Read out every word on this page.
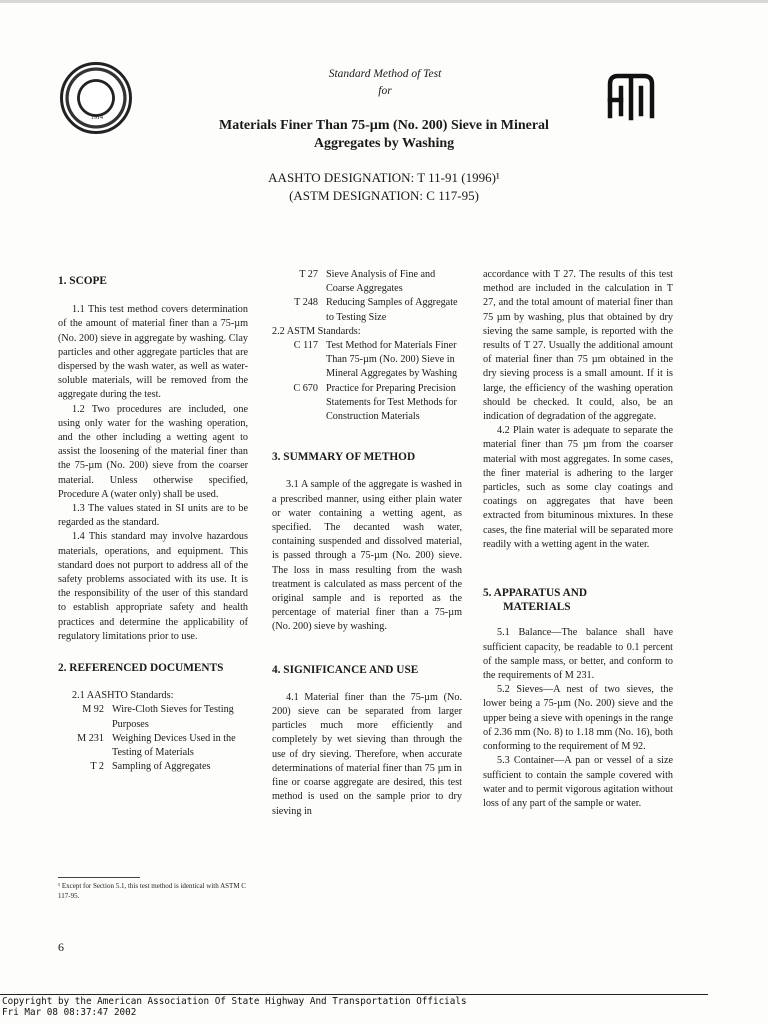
1914
Standard Method of Test
for
Materials Finer Than 75-µm (No. 200) Sieve in Mineral
Aggregates by Washing
AASHTO DESIGNATION: T 11-91 (1996)¹
(ASTM DESIGNATION: C 117-95)

1. SCOPE

1.1 This test method covers determination of the amount of material finer than a 75-µm (No. 200) sieve in aggregate by washing. Clay particles and other aggregate particles that are dispersed by the wash water, as well as water-soluble materials, will be removed from the aggregate during the test.

1.2 Two procedures are included, one using only water for the washing operation, and the other including a wetting agent to assist the loosening of the material finer than the 75-µm (No. 200) sieve from the coarser material. Unless otherwise specified, Procedure A (water only) shall be used.

1.3 The values stated in SI units are to be regarded as the standard.

1.4 This standard may involve hazardous materials, operations, and equipment. This standard does not purport to address all of the safety problems associated with its use. It is the responsibility of the user of this standard to establish appropriate safety and health practices and determine the applicability of regulatory limitations prior to use.

2. REFERENCED DOCUMENTS

2.1 AASHTO Standards:

M 92 Wire-Cloth Sieves for Testing Purposes
M 231 Weighing Devices Used in the Testing of Materials
T 2 Sampling of Aggregates
¹ Except for Section 5.1, this test method is identical with ASTM C 117-95.
6
T 27 Sieve Analysis of Fine and Coarse Aggregates
T 248 Reducing Samples of Aggregate to Testing Size

2.2 ASTM Standards:

C 117 Test Method for Materials Finer Than 75-µm (No. 200) Sieve in Mineral Aggregates by Washing
C 670 Practice for Preparing Precision Statements for Test Methods for Construction Materials

3. SUMMARY OF METHOD

3.1 A sample of the aggregate is washed in a prescribed manner, using either plain water or water containing a wetting agent, as specified. The decanted wash water, containing suspended and dissolved material, is passed through a 75-µm (No. 200) sieve. The loss in mass resulting from the wash treatment is calculated as mass percent of the original sample and is reported as the percentage of material finer than a 75-µm (No. 200) sieve by washing.

4. SIGNIFICANCE AND USE

4.1 Material finer than the 75-µm (No. 200) sieve can be separated from larger particles much more efficiently and completely by wet sieving than through the use of dry sieving. Therefore, when accurate determinations of material finer than 75 µm in fine or coarse aggregate are desired, this test method is used on the sample prior to dry sieving in

accordance with T 27. The results of this test method are included in the calculation in T 27, and the total amount of material finer than 75 µm by washing, plus that obtained by dry sieving the same sample, is reported with the results of T 27. Usually the additional amount of material finer than 75 µm obtained in the dry sieving process is a small amount. If it is large, the efficiency of the washing operation should be checked. It could, also, be an indication of degradation of the aggregate.

4.2 Plain water is adequate to separate the material finer than 75 µm from the coarser material with most aggregates. In some cases, the finer material is adhering to the larger particles, such as some clay coatings and coatings on aggregates that have been extracted from bituminous mixtures. In these cases, the fine material will be separated more readily with a wetting agent in the water.

5. APPARATUS AND

MATERIALS

5.1 Balance—The balance shall have sufficient capacity, be readable to 0.1 percent of the sample mass, or better, and conform to the requirements of M 231.

5.2 Sieves—A nest of two sieves, the lower being a 75-µm (No. 200) sieve and the upper being a sieve with openings in the range of 2.36 mm (No. 8) to 1.18 mm (No. 16), both conforming to the requirement of M 92.

5.3 Container—A pan or vessel of a size sufficient to contain the sample covered with water and to permit vigorous agitation without loss of any part of the sample or water.

Copyright by the American Association Of State Highway And Transportation Officials
Fri Mar 08 08:37:47 2002
